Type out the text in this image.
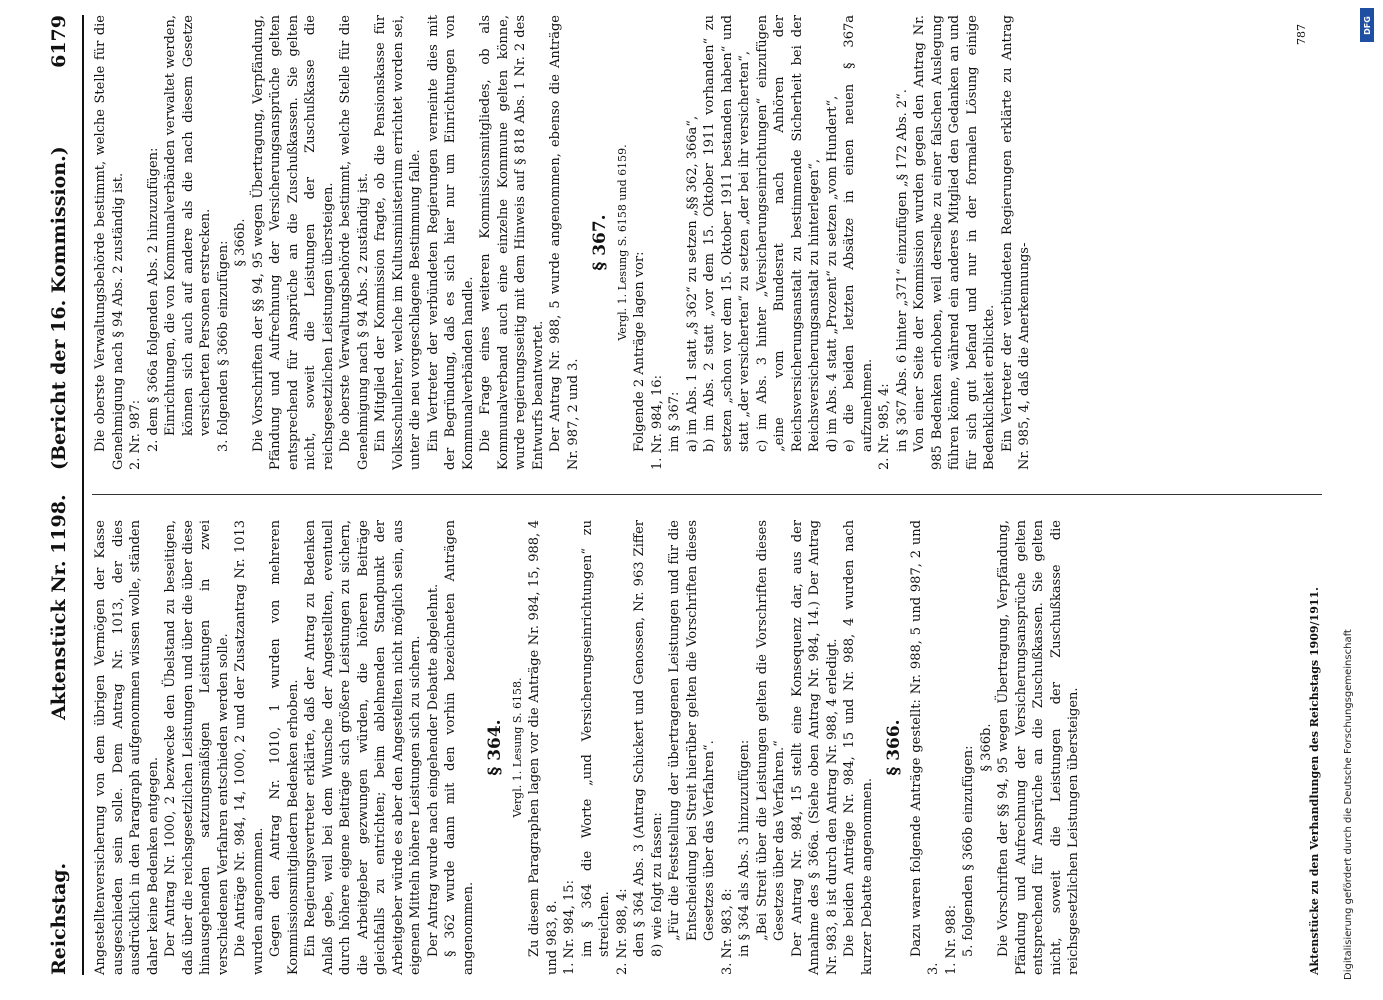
Reichstag.
Aktenstück Nr. 1198.
(Bericht der 16. Kommission.)
6179

Angestelltenversicherung von dem übrigen Vermögen der Kasse ausgeschieden sein solle. Dem Antrag Nr. 1013, der dies ausdrücklich in den Paragraph aufgenommen wissen wolle, ständen daher keine Bedenken entgegen. Der Antrag Nr. 1000, 2 bezwecke den Übelstand zu beseitigen, daß über die reichsgesetzlichen Leistungen und über die über diese hinausgehenden satzungsmäßigen Leistungen in zwei verschiedenen Verfahren entschieden werden solle. Die Anträge Nr. 984, 14, 1000, 2 und der Zusatzantrag Nr. 1013 wurden angenommen. Gegen den Antrag Nr. 1010, 1 wurden von mehreren Kommissionsmitgliedern Bedenken erhoben. Ein Regierungsvertreter erklärte, daß der Antrag zu Bedenken Anlaß gebe, weil bei dem Wunsche der Angestellten, eventuell durch höhere eigene Beiträge sich größere Leistungen zu sichern, die Arbeitgeber gezwungen würden, die höheren Beiträge gleichfalls zu entrichten; beim ablehnenden Standpunkt der Arbeitgeber würde es aber den Angestellten nicht möglich sein, aus eigenen Mitteln höhere Leistungen sich zu sichern. Der Antrag wurde nach eingehender Debatte abgelehnt. § 362 wurde dann mit den vorhin bezeichneten Anträgen angenommen.

§ 364. Vergl. 1. Lesung S. 6158. Zu diesem Paragraphen lagen vor die Anträge Nr. 984, 15, 988, 4 und 983, 8. 1. Nr. 984, 15: im § 364 die Worte „und Versicherungseinrichtungen“ zu streichen. 2. Nr. 988, 4: den § 364 Abs. 3 (Antrag Schickert und Genossen, Nr. 963 Ziffer 8) wie folgt zu fassen: „Für die Feststellung der übertragenen Leistungen und für die Entscheidung bei Streit hierüber gelten die Vorschriften dieses Gesetzes über das Verfahren“. 3. Nr. 983, 8: in § 364 als Abs. 3 hinzuzufügen: „Bei Streit über die Leistungen gelten die Vorschriften dieses Gesetzes über das Verfahren.“ Der Antrag Nr. 984, 15 stellt eine Konsequenz dar, aus der Annahme des § 366a. (Siehe oben Antrag Nr. 984, 14.) Der Antrag Nr. 983, 8 ist durch den Antrag Nr. 988, 4 erledigt. Die beiden Anträge Nr. 984, 15 und Nr. 988, 4 wurden nach kurzer Debatte angenommen.

§ 366. Dazu waren folgende Anträge gestellt: Nr. 988, 5 und 987, 2 und 3. 1. Nr. 988: 5. folgenden § 366b einzufügen: § 366b. Die Vorschriften der §§ 94, 95 wegen Übertragung, Verpfändung, Pfändung und Aufrechnung der Versicherungsansprüche gelten entsprechend für Ansprüche an die Zuschußkassen. Sie gelten nicht, soweit die Leistungen der Zuschußkasse die reichsgesetzlichen Leistungen übersteigen.

Die oberste Verwaltungsbehörde bestimmt, welche Stelle für die Genehmigung nach § 94 Abs. 2 zuständig ist. 2. Nr. 987: 2. dem § 366a folgenden Abs. 2 hinzuzufügen: Einrichtungen, die von Kommunalverbänden verwaltet werden, können sich auch auf andere als die nach diesem Gesetze versicherten Personen erstrecken. 3. folgenden § 366b einzufügen: § 366b. Die Vorschriften der §§ 94, 95 wegen Übertragung, Verpfändung, Pfändung und Aufrechnung der Versicherungsansprüche gelten entsprechend für Ansprüche an die Zuschußkassen. Sie gelten nicht, soweit die Leistungen der Zuschußkasse die reichsgesetzlichen Leistungen übersteigen. Die oberste Verwaltungsbehörde bestimmt, welche Stelle für die Genehmigung nach § 94 Abs. 2 zuständig ist. Ein Mitglied der Kommission fragte, ob die Pensionskasse für Volksschullehrer, welche im Kultusministerium errichtet worden sei, unter die neu vorgeschlagene Bestimmung falle. Ein Vertreter der verbündeten Regierungen verneinte dies mit der Begründung, daß es sich hier nur um Einrichtungen von Kommunalverbänden handle. Die Frage eines weiteren Kommissionsmitgliedes, ob als Kommunalverband auch eine einzelne Kommune gelten könne, wurde regierungsseitig mit dem Hinweis auf § 818 Abs. 1 Nr. 2 des Entwurfs beantwortet. Der Antrag Nr. 988, 5 wurde angenommen, ebenso die Anträge Nr. 987, 2 und 3.

§ 367. Vergl. 1. Lesung S. 6158 und 6159.

Folgende 2 Anträge lagen vor: 1. Nr. 984, 16: im § 367: a) im Abs. 1 statt „§ 362“ zu setzen „§§ 362, 366a“, b) im Abs. 2 statt „vor dem 15. Oktober 1911 vorhanden“ zu setzen „schon vor dem 15. Oktober 1911 bestanden haben“ und statt „der versicherten“ zu setzen „der bei ihr versicherten“, c) im Abs. 3 hinter „Versicherungseinrichtungen“ einzufügen „eine vom Bundesrat nach Anhören der Reichsversicherungsanstalt zu bestimmende Sicherheit bei der Reichsversicherungsanstalt zu hinterlegen“, d) im Abs. 4 statt „Prozent“ zu setzen „vom Hundert“, e) die beiden letzten Absätze in einen neuen § 367a aufzunehmen. 2. Nr. 985, 4: in § 367 Abs. 6 hinter „371“ einzufügen „§ 172 Abs. 2“. Von einer Seite der Kommission wurden gegen den Antrag Nr. 985 Bedenken erhoben, weil derselbe zu einer falschen Auslegung führen könne, während ein anderes Mitglied den Gedanken an und für sich gut befand und nur in der formalen Lösung einige Bedenklichkeit erblickte. Ein Vertreter der verbündeten Regierungen erklärte zu Antrag Nr. 985, 4, daß die Anerkennungs-

Aktenstücke zu den Verhandlungen des Reichstags 1909/1911.
787
Digitalisierung gefördert durch die Deutsche Forschungsgemeinschaft
DFG
